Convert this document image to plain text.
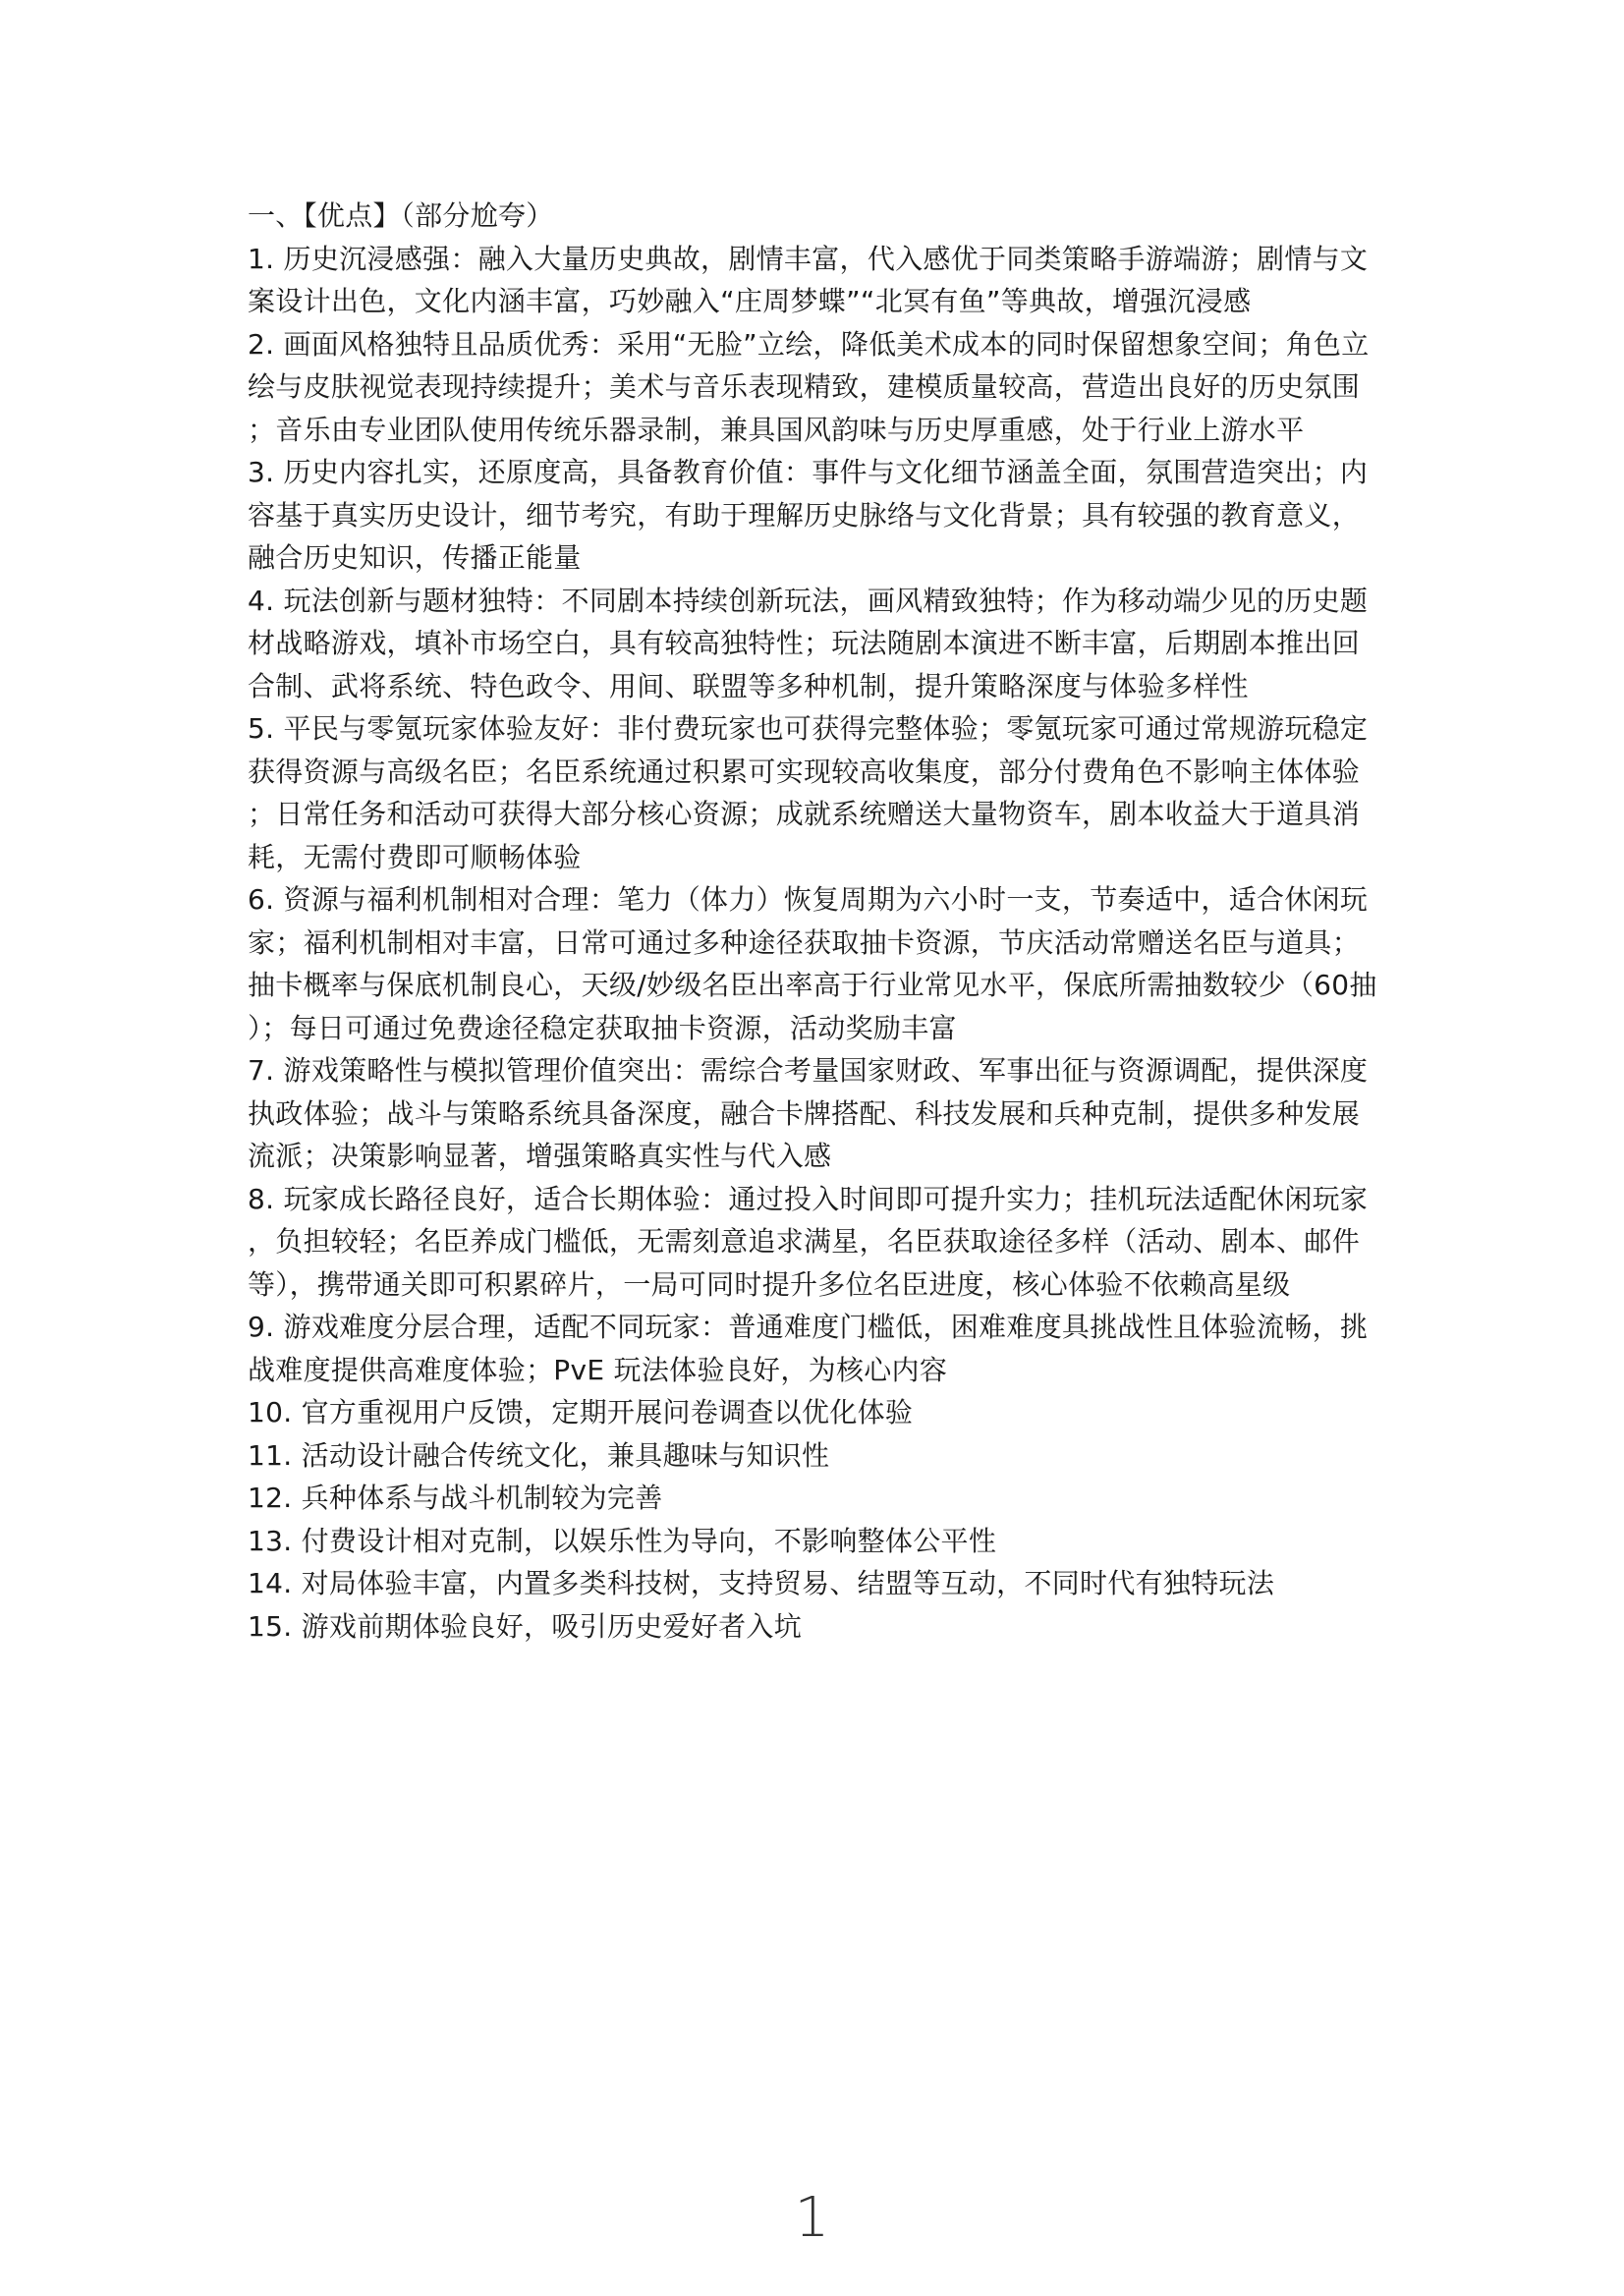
一、【优点】（部分尬夸）
1. 历史沉浸感强：融入大量历史典故，剧情丰富，代入感优于同类策略手游端游；剧情与文案设计出色，文化内涵丰富，巧妙融入“庄周梦蝶”“北冥有鱼”等典故，增强沉浸感
2. 画面风格独特且品质优秀：采用“无脸”立绘，降低美术成本的同时保留想象空间；角色立绘与皮肤视觉表现持续提升；美术与音乐表现精致，建模质量较高，营造出良好的历史氛围；音乐由专业团队使用传统乐器录制，兼具国风韵味与历史厚重感，处于行业上游水平
3. 历史内容扎实，还原度高，具备教育价值：事件与文化细节涵盖全面，氛围营造突出；内容基于真实历史设计，细节考究，有助于理解历史脉络与文化背景；具有较强的教育意义，融合历史知识，传播正能量
4. 玩法创新与题材独特：不同剧本持续创新玩法，画风精致独特；作为移动端少见的历史题材战略游戏，填补市场空白，具有较高独特性；玩法随剧本演进不断丰富，后期剧本推出回合制、武将系统、特色政令、用间、联盟等多种机制，提升策略深度与体验多样性
5. 平民与零氪玩家体验友好：非付费玩家也可获得完整体验；零氪玩家可通过常规游玩稳定获得资源与高级名臣；名臣系统通过积累可实现较高收集度，部分付费角色不影响主体体验；日常任务和活动可获得大部分核心资源；成就系统赠送大量物资车，剧本收益大于道具消耗，无需付费即可顺畅体验
6. 资源与福利机制相对合理：笔力（体力）恢复周期为六小时一支，节奏适中，适合休闲玩家；福利机制相对丰富，日常可通过多种途径获取抽卡资源，节庆活动常赠送名臣与道具；抽卡概率与保底机制良心，天级/妙级名臣出率高于行业常见水平，保底所需抽数较少（60抽）；每日可通过免费途径稳定获取抽卡资源，活动奖励丰富
7. 游戏策略性与模拟管理价值突出：需综合考量国家财政、军事出征与资源调配，提供深度执政体验；战斗与策略系统具备深度，融合卡牌搭配、科技发展和兵种克制，提供多种发展流派；决策影响显著，增强策略真实性与代入感
8. 玩家成长路径良好，适合长期体验：通过投入时间即可提升实力；挂机玩法适配休闲玩家，负担较轻；名臣养成门槛低，无需刻意追求满星，名臣获取途径多样（活动、剧本、邮件等），携带通关即可积累碎片，一局可同时提升多位名臣进度，核心体验不依赖高星级
9. 游戏难度分层合理，适配不同玩家：普通难度门槛低，困难难度具挑战性且体验流畅，挑战难度提供高难度体验；PvE 玩法体验良好，为核心内容
10. 官方重视用户反馈，定期开展问卷调查以优化体验
11. 活动设计融合传统文化，兼具趣味与知识性
12. 兵种体系与战斗机制较为完善
13. 付费设计相对克制，以娱乐性为导向，不影响整体公平性
14. 对局体验丰富，内置多类科技树，支持贸易、结盟等互动，不同时代有独特玩法
15. 游戏前期体验良好，吸引历史爱好者入坑
1
